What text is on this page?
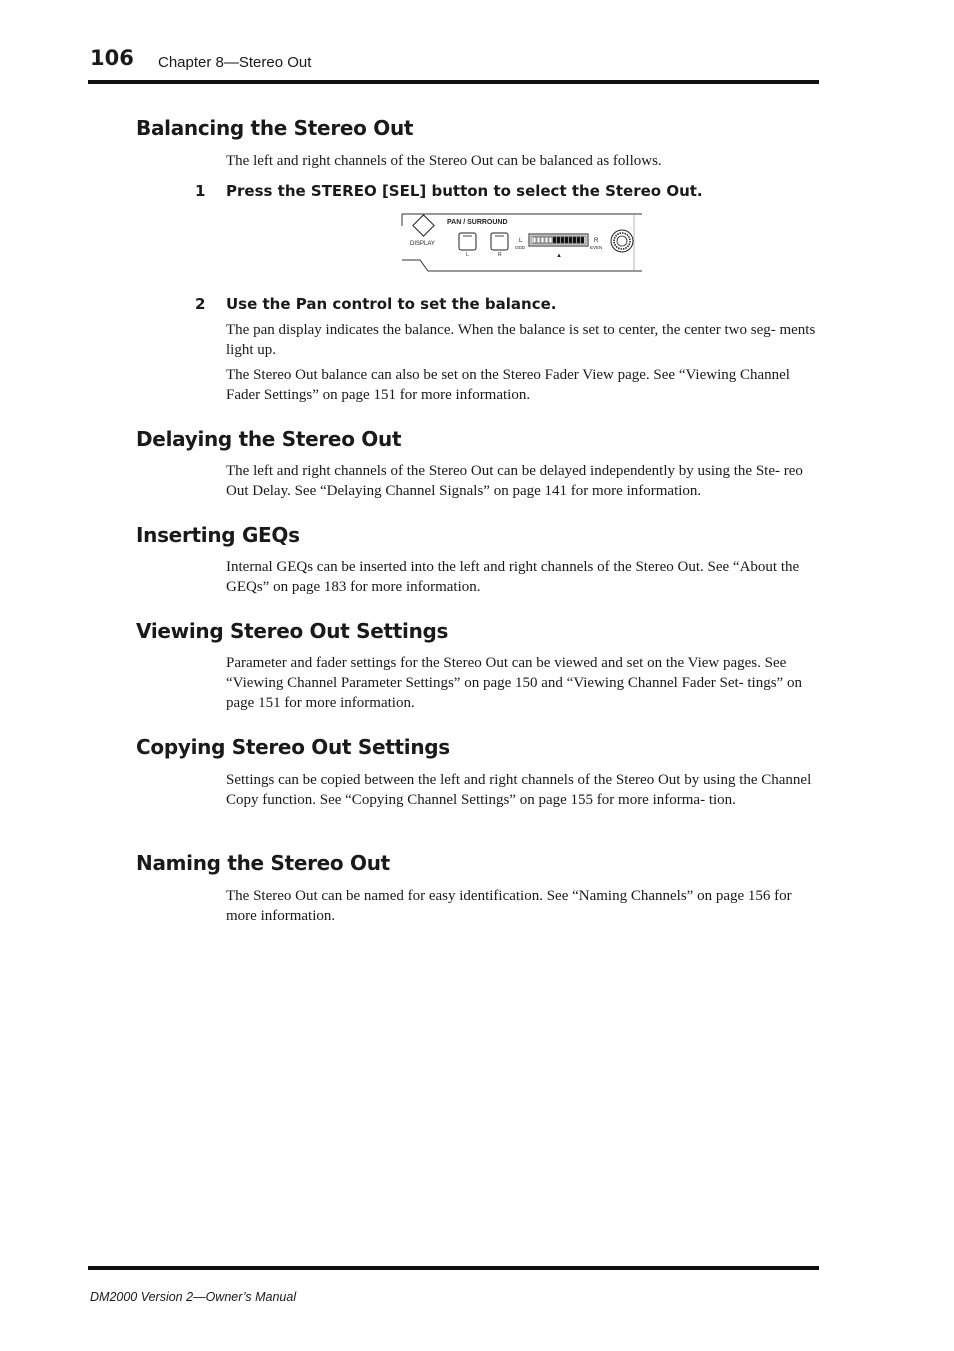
106 Chapter 8—Stereo Out
Balancing the Stereo Out

The left and right channels of the Stereo Out can be balanced as follows.

1 Press the STEREO [SEL] button to select the Stereo Out.
DISPLAY
PAN / SURROUND
L	R
L
ODD
R
EVEN
▲
2 Use the Pan control to set the balance.

The pan display indicates the balance. When the balance is set to center, the center two seg- ments light up.

The Stereo Out balance can also be set on the Stereo Fader View page. See “Viewing Channel Fader Settings” on page 151 for more information.

Delaying the Stereo Out

The left and right channels of the Stereo Out can be delayed independently by using the Ste- reo Out Delay. See “Delaying Channel Signals” on page 141 for more information.

Inserting GEQs

Internal GEQs can be inserted into the left and right channels of the Stereo Out. See “About the GEQs” on page 183 for more information.

Viewing Stereo Out Settings

Parameter and fader settings for the Stereo Out can be viewed and set on the View pages. See “Viewing Channel Parameter Settings” on page 150 and “Viewing Channel Fader Set- tings” on page 151 for more information.

Copying Stereo Out Settings

Settings can be copied between the left and right channels of the Stereo Out by using the Channel Copy function. See “Copying Channel Settings” on page 155 for more informa- tion.

Naming the Stereo Out

The Stereo Out can be named for easy identification. See “Naming Channels” on page 156 for more information.

DM2000 Version 2—Owner’s Manual
